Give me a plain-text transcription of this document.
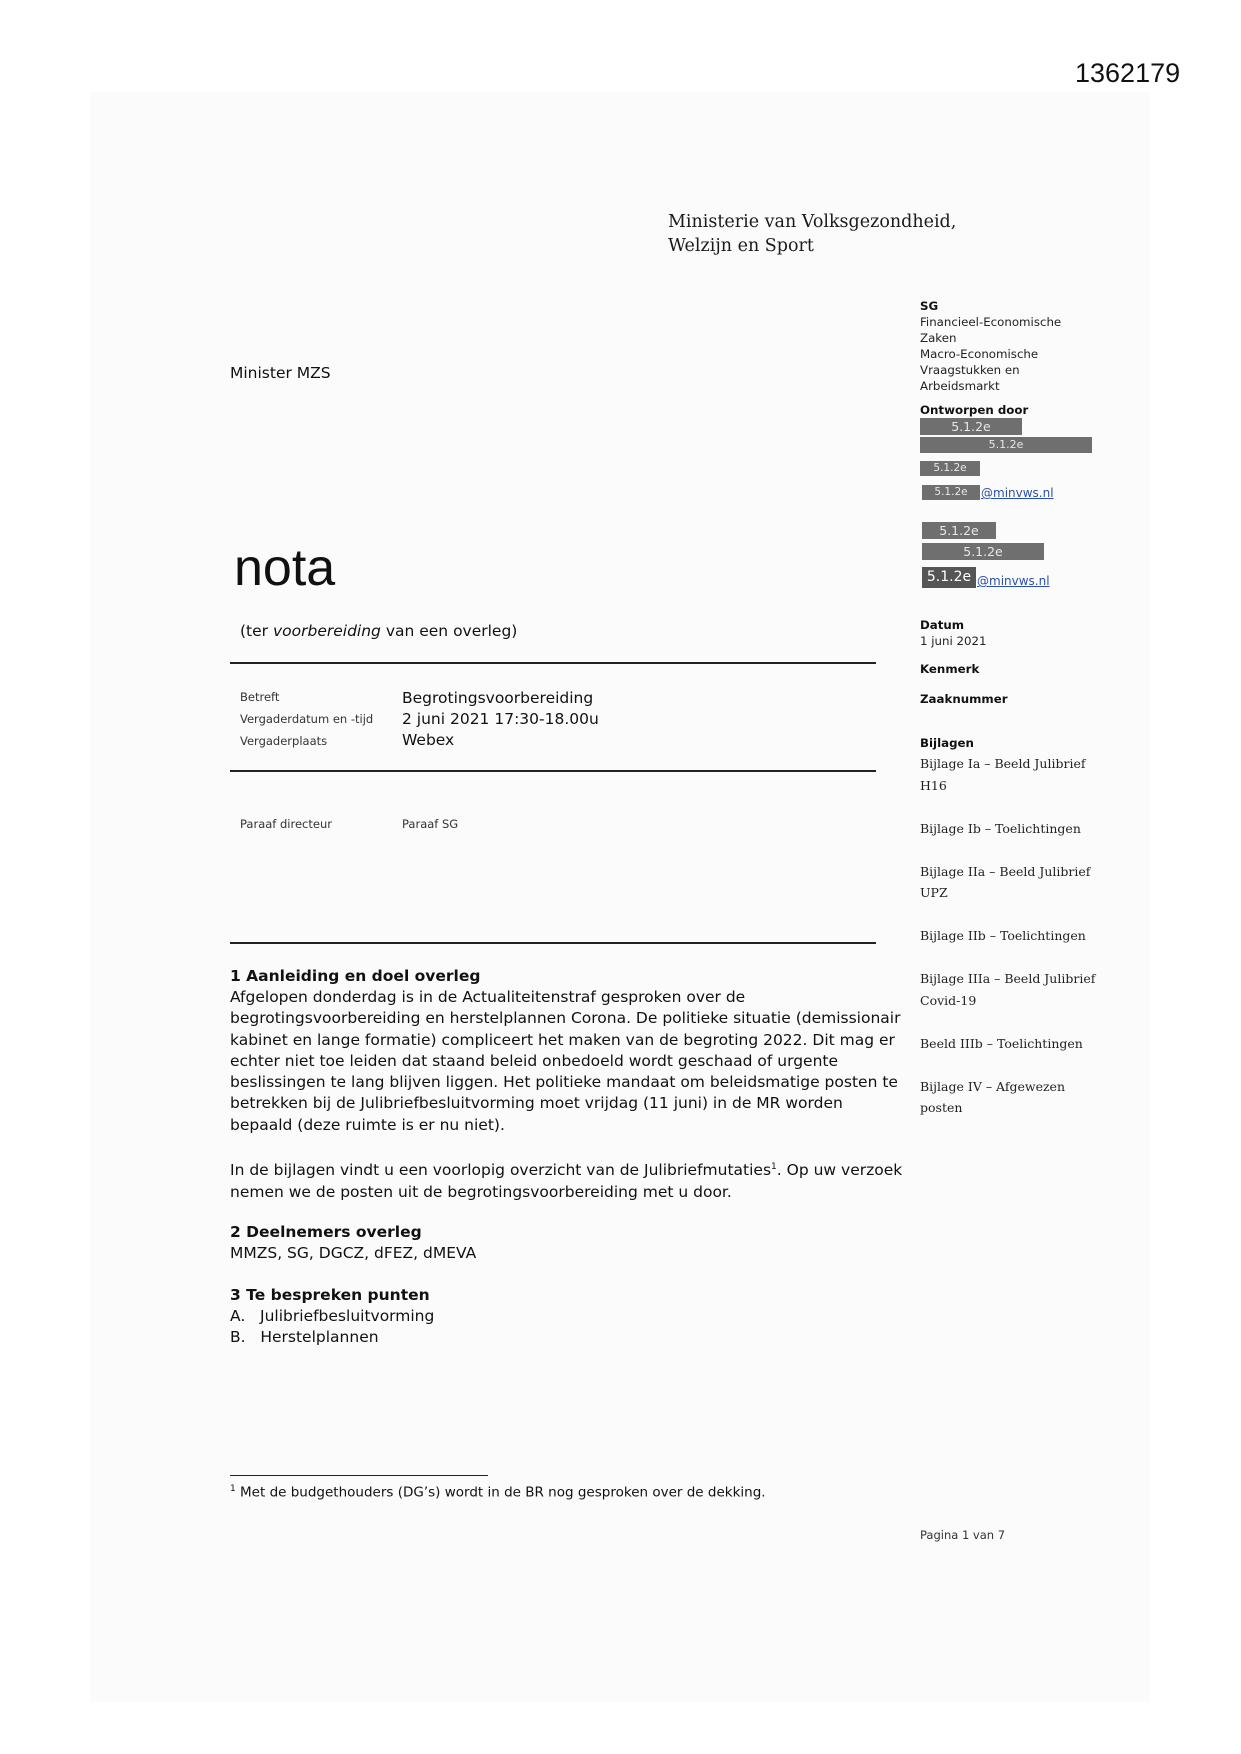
1362179
Ministerie van Volksgezondheid,
Welzijn en Sport
Minister MZS
nota
(ter voorbereiding van een overleg)
Betreft
Vergaderdatum en -tijd
Vergaderplaats
Begrotingsvoorbereiding
2 juni 2021 17:30-18.00u
Webex
Paraaf directeur	Paraaf SG
1 Aanleiding en doel overleg

Afgelopen donderdag is in de Actualiteitenstraf gesproken over de begrotingsvoorbereiding en herstelplannen Corona. De politieke situatie (demissionair kabinet en lange formatie) compliceert het maken van de begroting 2022. Dit mag er echter niet toe leiden dat staand beleid onbedoeld wordt geschaad of urgente beslissingen te lang blijven liggen. Het politieke mandaat om beleidsmatige posten te betrekken bij de Julibriefbesluitvorming moet vrijdag (11 juni) in de MR worden bepaald (deze ruimte is er nu niet).

In de bijlagen vindt u een voorlopig overzicht van de Julibriefmutaties$^1$. Op uw verzoek nemen we de posten uit de begrotingsvoorbereiding met u door.

2 Deelnemers overleg

MMZS, SG, DGCZ, dFEZ, dMEVA

3 Te bespreken punten

A.   Julibriefbesluitvorming

B.   Herstelplannen

SG
Financieel-Economische
Zaken
Macro-Economische
Vraagstukken en
Arbeidsmarkt
Ontworpen door
5.1.2e
5.1.2e
5.1.2e
5.1.2e	@minvws.nl
5.1.2e
5.1.2e
5.1.2e @minvws.nl
Datum
1 juni 2021
Kenmerk
Zaaknummer
Bijlagen
Bijlage Ia – Beeld Julibrief
H16
Bijlage Ib – Toelichtingen
Bijlage IIa – Beeld Julibrief
UPZ
Bijlage IIb – Toelichtingen
Bijlage IIIa – Beeld Julibrief
Covid-19
Beeld IIIb – Toelichtingen
Bijlage IV – Afgewezen
posten
$^1$ Met de budgethouders (DG’s) wordt in de BR nog gesproken over de dekking.
Pagina 1 van 7
